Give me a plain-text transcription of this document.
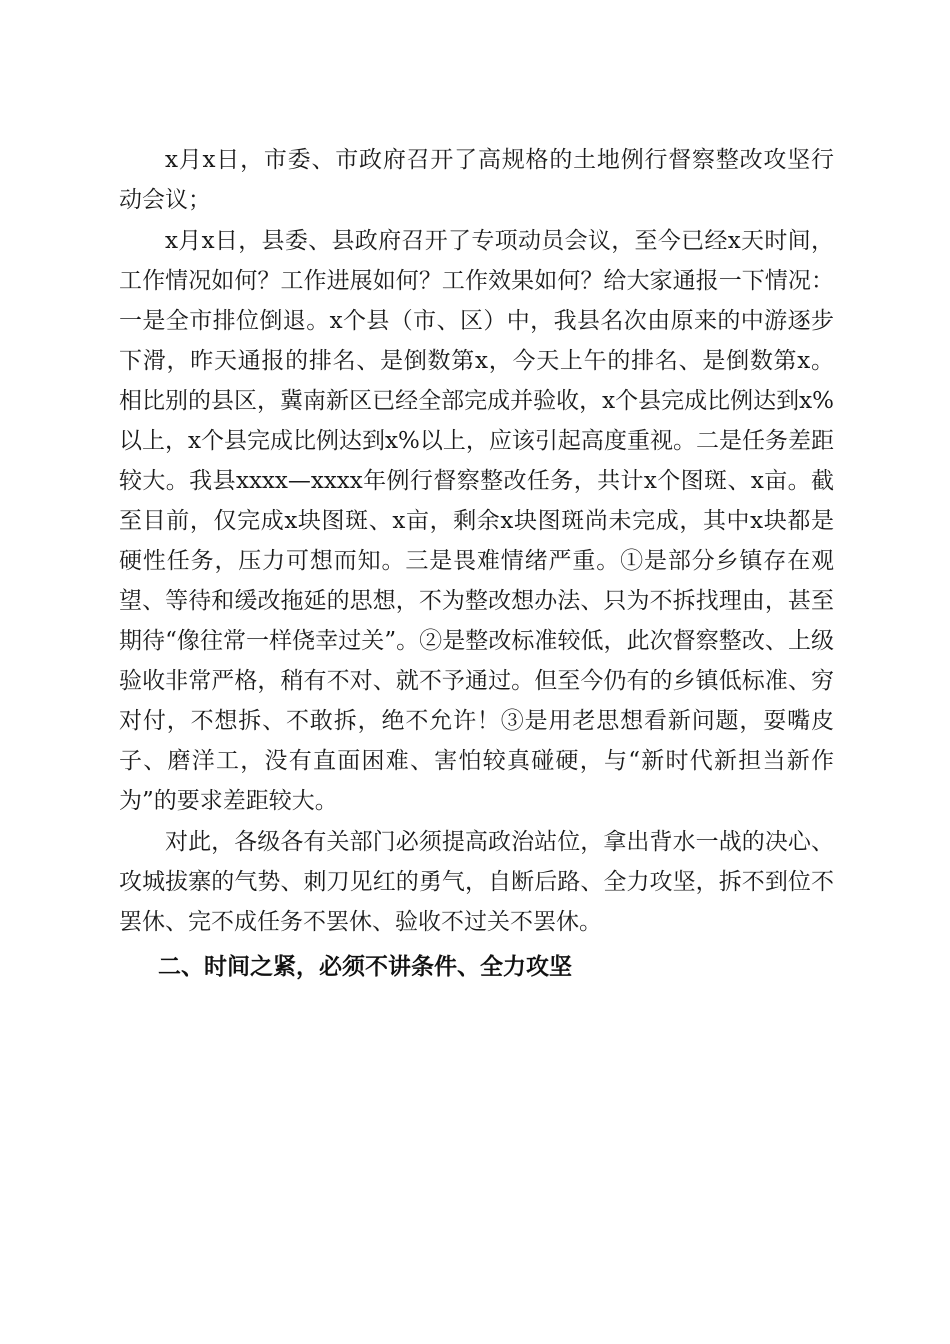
x月x日，市委、市政府召开了高规格的土地例行督察整改攻坚行动会议；

x月x日，县委、县政府召开了专项动员会议，至今已经x天时间，工作情况如何？工作进展如何？工作效果如何？给大家通报一下情况：一是全市排位倒退。x个县（市、区）中，我县名次由原来的中游逐步下滑，昨天通报的排名、是倒数第x，今天上午的排名、是倒数第x。相比别的县区，冀南新区已经全部完成并验收，x个县完成比例达到x%以上，x个县完成比例达到x%以上，应该引起高度重视。二是任务差距较大。我县xxxx—xxxx年例行督察整改任务，共计x个图斑、x亩。截至目前，仅完成x块图斑、x亩，剩余x块图斑尚未完成，其中x块都是硬性任务，压力可想而知。三是畏难情绪严重。①是部分乡镇存在观望、等待和缓改拖延的思想，不为整改想办法、只为不拆找理由，甚至期待“像往常一样侥幸过关”。②是整改标准较低，此次督察整改、上级验收非常严格，稍有不对、就不予通过。但至今仍有的乡镇低标准、穷对付，不想拆、不敢拆，绝不允许！③是用老思想看新问题，耍嘴皮子、磨洋工，没有直面困难、害怕较真碰硬，与“新时代新担当新作为”的要求差距较大。

对此，各级各有关部门必须提高政治站位，拿出背水一战的决心、攻城拔寨的气势、刺刀见红的勇气，自断后路、全力攻坚，拆不到位不罢休、完不成任务不罢休、验收不过关不罢休。

二、时间之紧，必须不讲条件、全力攻坚
